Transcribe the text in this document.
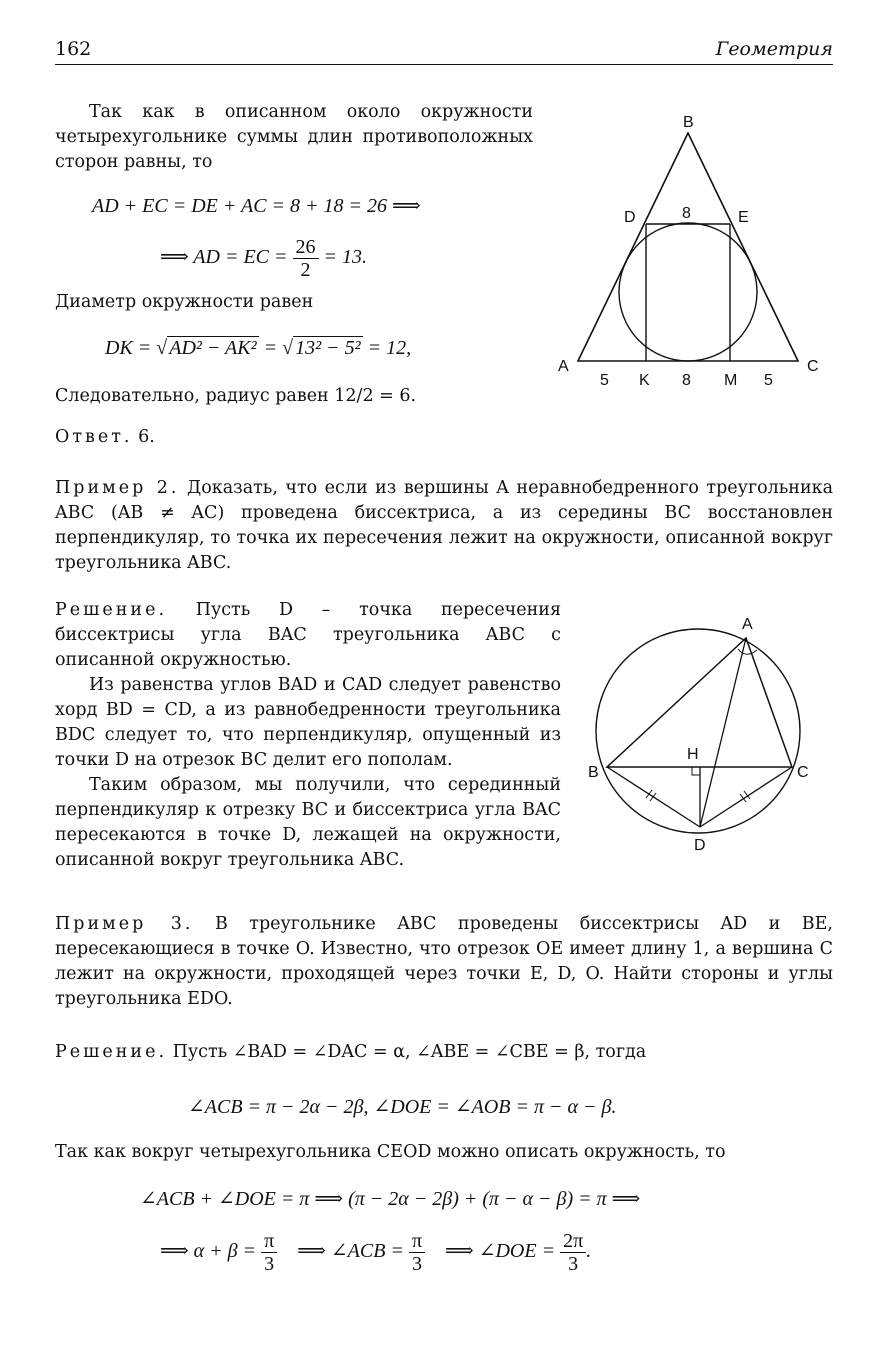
162	Геометрия

Так как в описанном около окружности четырехугольнике суммы длин противоположных сторон равны, то

AD + EC = DE + AC = 8 + 18 = 26 ⟹
⟹ AD = EC = $\frac{26}{2} = 13$.

Диаметр окружности равен

DK = √ AD² − AK² = √ 13² − 5² = 12,

Следовательно, радиус равен 12/2 = 6.

Ответ. 6.

B
D	8	E
A
5 K 8 M 5
C

Пример 2. Доказать, что если из вершины A неравнобедренного треугольника ABC (AB ≠ AC) проведена биссектриса, а из середины BC восстановлен перпендикуляр, то точка их пересечения лежит на окружности, описанной вокруг треугольника ABC.

Решение. Пусть D – точка пересечения биссектрисы угла BAC треугольника ABC с описанной окружностью.

Из равенства углов BAD и CAD следует равенство хорд BD = CD, а из равнобедренности треугольника BDC следует то, что перпендикуляр, опущенный из точки D на отрезок BC делит его пополам.

Таким образом, мы получили, что серединный перпендикуляр к отрезку BC и биссектриса угла BAC пересекаются в точке D, лежащей на окружности, описанной вокруг треугольника ABC.

A
H
B	C
D

Пример 3. В треугольнике ABC проведены биссектрисы AD и BE, пересекающиеся в точке O. Известно, что отрезок OE имеет длину 1, а вершина C лежит на окружности, проходящей через точки E, D, O. Найти стороны и углы треугольника EDO.

Решение. Пусть ∠BAD = ∠DAC = α, ∠ABE = ∠CBE = β, тогда

∠ACB = π − 2α − 2β, ∠DOE = ∠AOB = π − α − β.

Так как вокруг четырехугольника CEOD можно описать окружность, то

∠ACB + ∠DOE = π ⟹ (π − 2α − 2β) + (π − α − β) = π ⟹
⟹ $\alpha + \beta = \frac{\pi}{3}$ ⟹ ∠ACB = $\frac{\pi}{3}$ ⟹ ∠DOE = $\frac{2\pi}{3}$ .
